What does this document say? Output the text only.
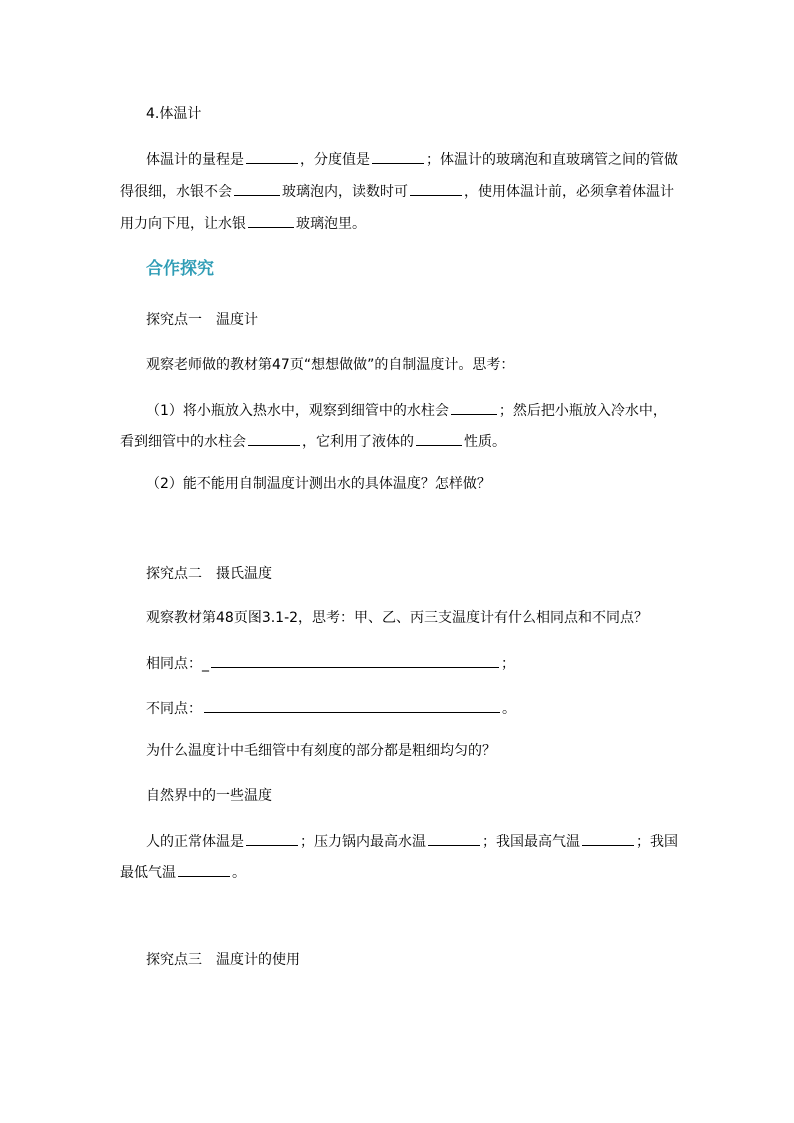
4.体温计
体温计的量程是	，分度值是	；体温计的玻璃泡和直玻璃管之间的管做
得很细，水银不会	玻璃泡内，读数时可	，使用体温计前，必须拿着体温计
用力向下甩，让水银	玻璃泡里。
合作探究
探究点一 温度计
观察老师做的教材第47页“想想做做”的自制温度计。思考：
（1）将小瓶放入热水中，观察到细管中的水柱会	；然后把小瓶放入冷水中，
看到细管中的水柱会	，它利用了液体的	性质。
（2）能不能用自制温度计测出水的具体温度？怎样做？
探究点二 摄氏温度
观察教材第48页图3.1-2，思考：甲、乙、丙三支温度计有什么相同点和不同点？
相同点：_	；
不同点：	。
为什么温度计中毛细管中有刻度的部分都是粗细均匀的？
自然界中的一些温度
人的正常体温是	；压力锅内最高水温	；我国最高气温	；我国
最低气温	。
探究点三 温度计的使用
